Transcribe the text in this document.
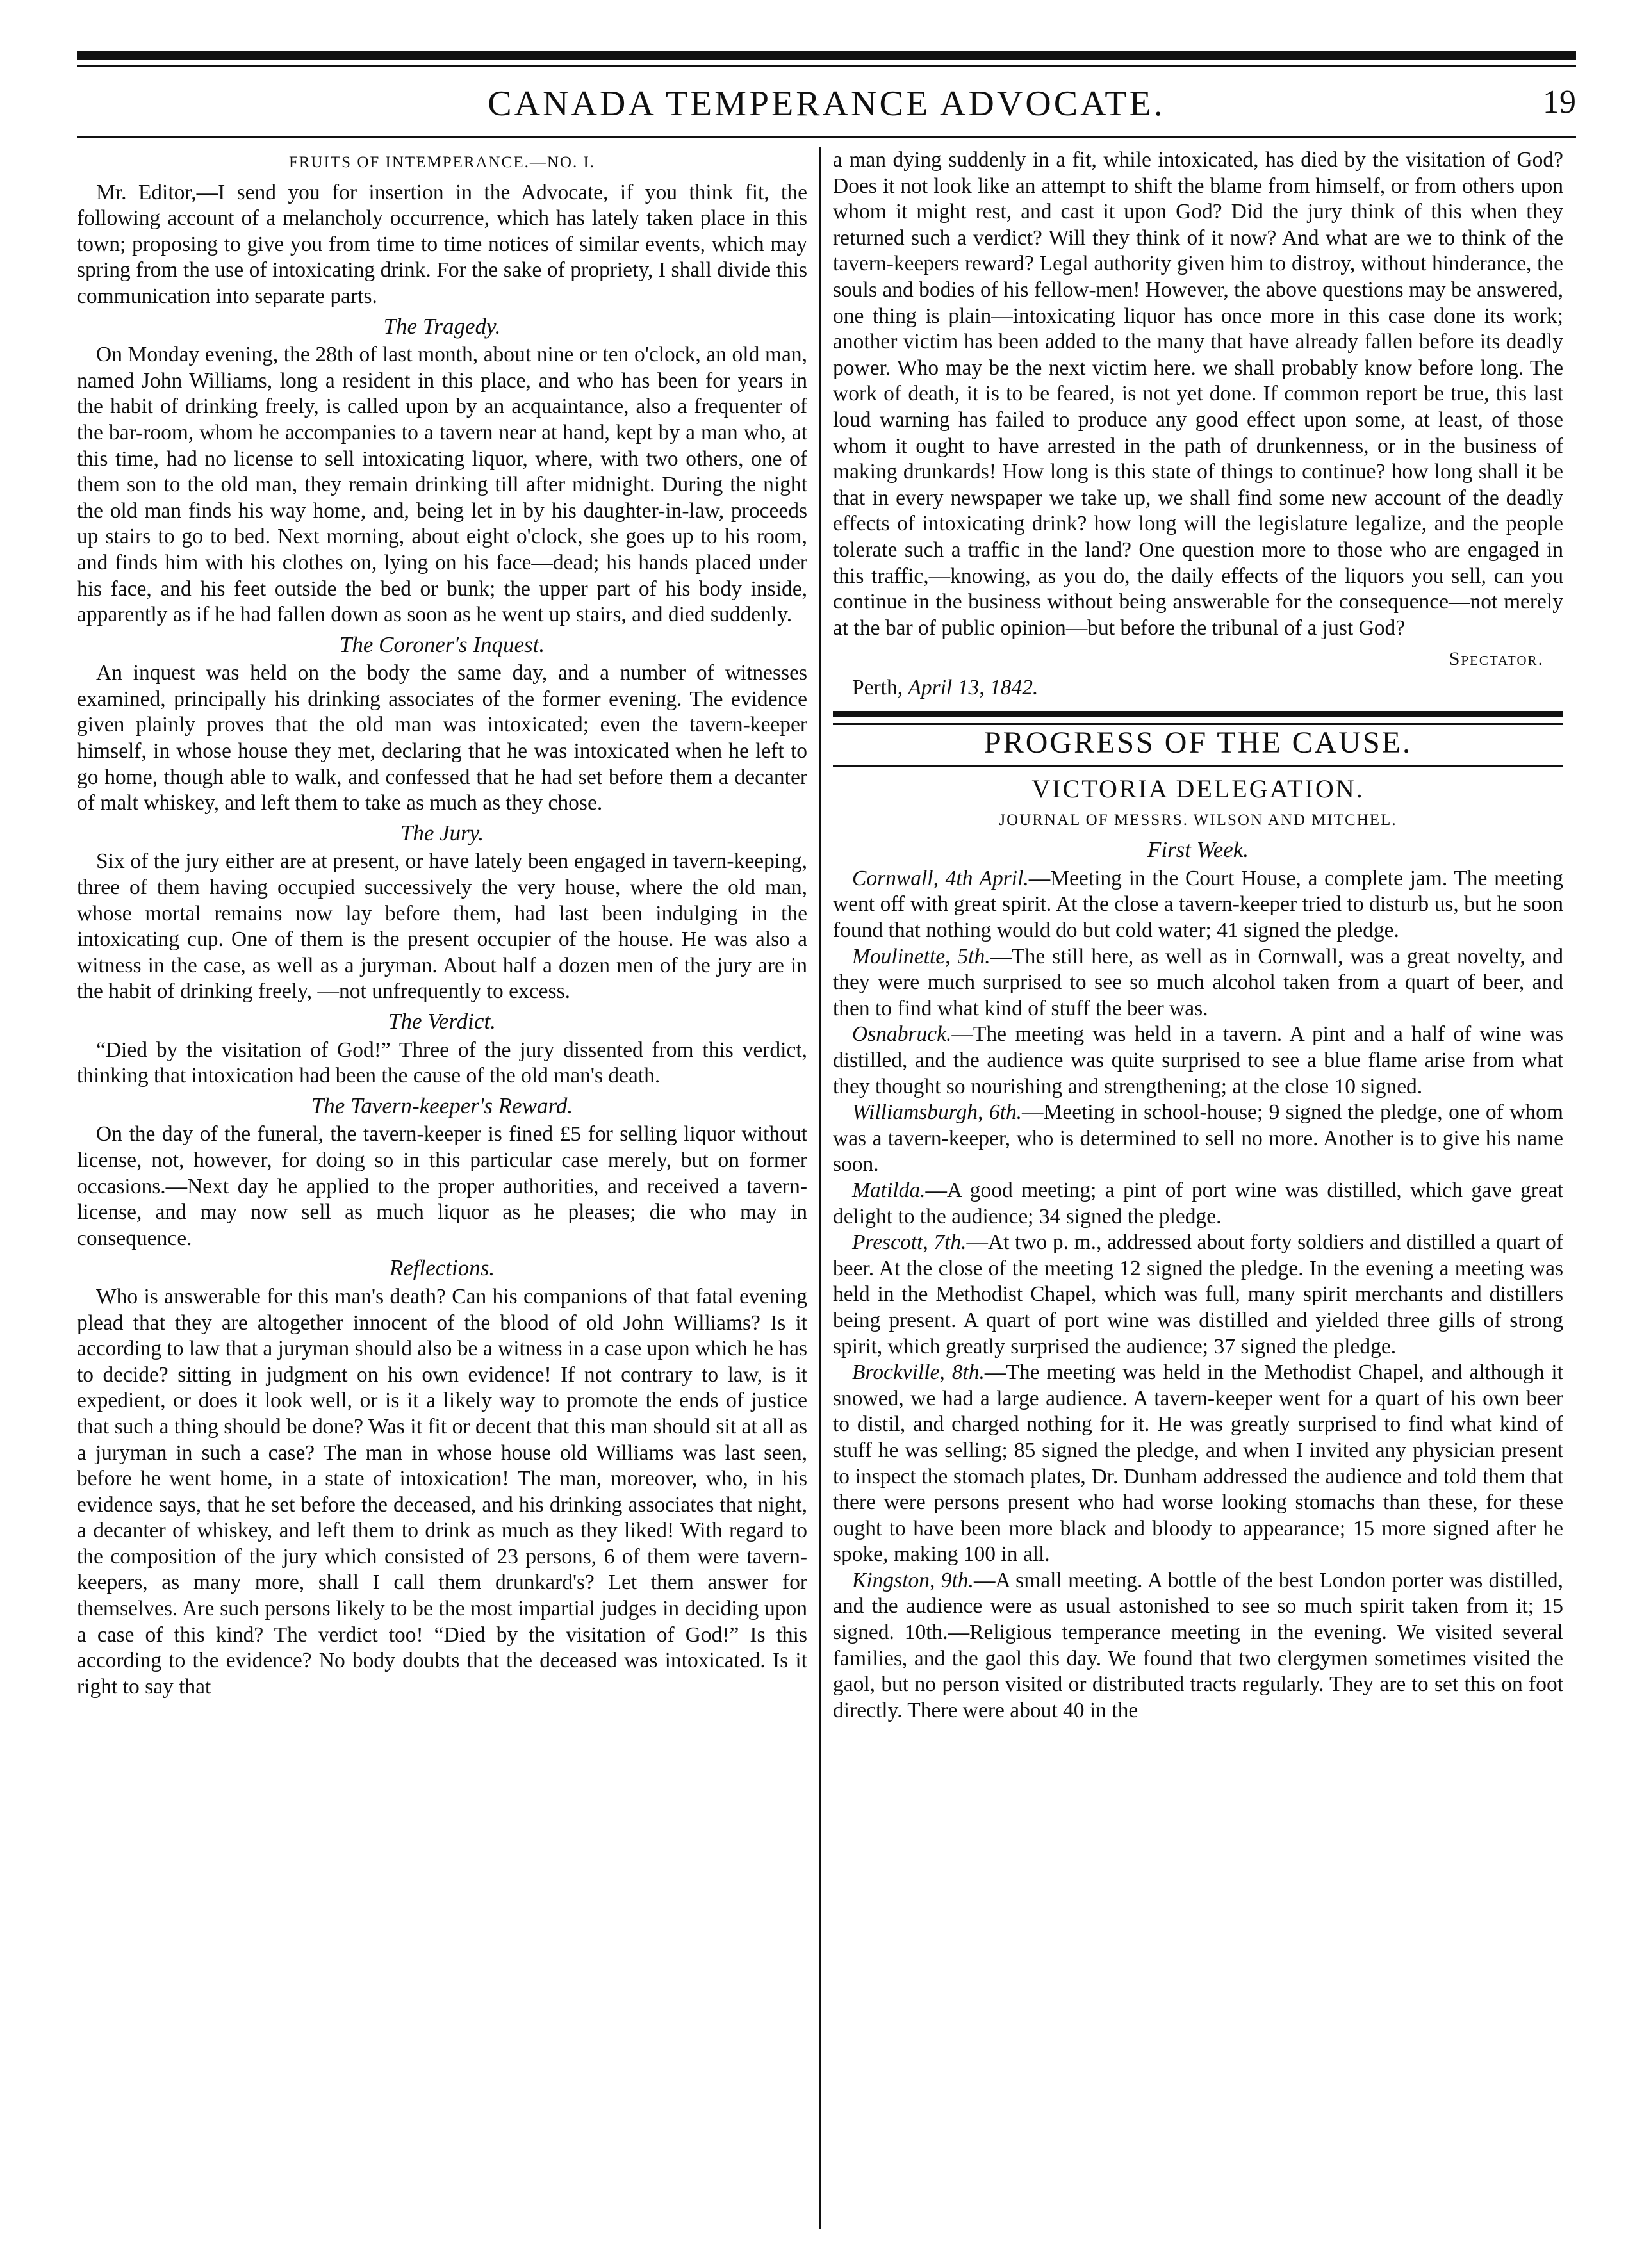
CANADA TEMPERANCE ADVOCATE.	19
FRUITS OF INTEMPERANCE.—NO. I.

Mr. Editor,—I send you for insertion in the Advocate, if you think fit, the following account of a melancholy occurrence, which has lately taken place in this town; proposing to give you from time to time notices of similar events, which may spring from the use of intoxicating drink. For the sake of propriety, I shall divide this communication into separate parts.

The Tragedy.

On Monday evening, the 28th of last month, about nine or ten o'clock, an old man, named John Williams, long a resident in this place, and who has been for years in the habit of drinking freely, is called upon by an acquaintance, also a frequenter of the bar-room, whom he accompanies to a tavern near at hand, kept by a man who, at this time, had no license to sell intoxicating liquor, where, with two others, one of them son to the old man, they remain drinking till after midnight. During the night the old man finds his way home, and, being let in by his daughter-in-law, proceeds up stairs to go to bed. Next morning, about eight o'clock, she goes up to his room, and finds him with his clothes on, lying on his face—dead; his hands placed under his face, and his feet outside the bed or bunk; the upper part of his body inside, apparently as if he had fallen down as soon as he went up stairs, and died suddenly.

The Coroner's Inquest.

An inquest was held on the body the same day, and a number of witnesses examined, principally his drinking associates of the former evening. The evidence given plainly proves that the old man was intoxicated; even the tavern-keeper himself, in whose house they met, declaring that he was intoxicated when he left to go home, though able to walk, and confessed that he had set before them a decanter of malt whiskey, and left them to take as much as they chose.

The Jury.

Six of the jury either are at present, or have lately been engaged in tavern-keeping, three of them having occupied successively the very house, where the old man, whose mortal remains now lay before them, had last been indulging in the intoxicating cup. One of them is the present occupier of the house. He was also a witness in the case, as well as a juryman. About half a dozen men of the jury are in the habit of drinking freely, —not unfrequently to excess.

The Verdict.

“Died by the visitation of God!” Three of the jury dissented from this verdict, thinking that intoxication had been the cause of the old man's death.

The Tavern-keeper's Reward.

On the day of the funeral, the tavern-keeper is fined £5 for selling liquor without license, not, however, for doing so in this particular case merely, but on former occasions.—Next day he applied to the proper authorities, and received a tavern-license, and may now sell as much liquor as he pleases; die who may in consequence.

Reflections.

Who is answerable for this man's death? Can his companions of that fatal evening plead that they are altogether innocent of the blood of old John Williams? Is it according to law that a juryman should also be a witness in a case upon which he has to decide? sitting in judgment on his own evidence! If not contrary to law, is it expedient, or does it look well, or is it a likely way to promote the ends of justice that such a thing should be done? Was it fit or decent that this man should sit at all as a juryman in such a case? The man in whose house old Williams was last seen, before he went home, in a state of intoxication! The man, moreover, who, in his evidence says, that he set before the deceased, and his drinking associates that night, a decanter of whiskey, and left them to drink as much as they liked! With regard to the composition of the jury which consisted of 23 persons, 6 of them were tavern-keepers, as many more, shall I call them drunkard's? Let them answer for themselves. Are such persons likely to be the most impartial judges in deciding upon a case of this kind? The verdict too! “Died by the visitation of God!” Is this according to the evidence? No body doubts that the deceased was intoxicated. Is it right to say that

a man dying suddenly in a fit, while intoxicated, has died by the visitation of God? Does it not look like an attempt to shift the blame from himself, or from others upon whom it might rest, and cast it upon God? Did the jury think of this when they returned such a verdict? Will they think of it now? And what are we to think of the tavern-keepers reward? Legal authority given him to distroy, without hinderance, the souls and bodies of his fellow-men! However, the above questions may be answered, one thing is plain—intoxicating liquor has once more in this case done its work; another victim has been added to the many that have already fallen before its deadly power. Who may be the next victim here. we shall probably know before long. The work of death, it is to be feared, is not yet done. If common report be true, this last loud warning has failed to produce any good effect upon some, at least, of those whom it ought to have arrested in the path of drunkenness, or in the business of making drunkards! How long is this state of things to continue? how long shall it be that in every newspaper we take up, we shall find some new account of the deadly effects of intoxicating drink? how long will the legislature legalize, and the people tolerate such a traffic in the land? One question more to those who are engaged in this traffic,—knowing, as you do, the daily effects of the liquors you sell, can you continue in the business without being answerable for the consequence—not merely at the bar of public opinion—but before the tribunal of a just God?

Spectator.
Perth, April 13, 1842.
PROGRESS OF THE CAUSE.
VICTORIA DELEGATION.
JOURNAL OF MESSRS. WILSON AND MITCHEL.
First Week.

Cornwall, 4th April.—Meeting in the Court House, a complete jam. The meeting went off with great spirit. At the close a tavern-keeper tried to disturb us, but he soon found that nothing would do but cold water; 41 signed the pledge.

Moulinette, 5th.—The still here, as well as in Cornwall, was a great novelty, and they were much surprised to see so much alcohol taken from a quart of beer, and then to find what kind of stuff the beer was.

Osnabruck.—The meeting was held in a tavern. A pint and a half of wine was distilled, and the audience was quite surprised to see a blue flame arise from what they thought so nourishing and strengthening; at the close 10 signed.

Williamsburgh, 6th.—Meeting in school-house; 9 signed the pledge, one of whom was a tavern-keeper, who is determined to sell no more. Another is to give his name soon.

Matilda.—A good meeting; a pint of port wine was distilled, which gave great delight to the audience; 34 signed the pledge.

Prescott, 7th.—At two p. m., addressed about forty soldiers and distilled a quart of beer. At the close of the meeting 12 signed the pledge. In the evening a meeting was held in the Methodist Chapel, which was full, many spirit merchants and distillers being present. A quart of port wine was distilled and yielded three gills of strong spirit, which greatly surprised the audience; 37 signed the pledge.

Brockville, 8th.—The meeting was held in the Methodist Chapel, and although it snowed, we had a large audience. A tavern-keeper went for a quart of his own beer to distil, and charged nothing for it. He was greatly surprised to find what kind of stuff he was selling; 85 signed the pledge, and when I invited any physician present to inspect the stomach plates, Dr. Dunham addressed the audience and told them that there were persons present who had worse looking stomachs than these, for these ought to have been more black and bloody to appearance; 15 more signed after he spoke, making 100 in all.

Kingston, 9th.—A small meeting. A bottle of the best London porter was distilled, and the audience were as usual astonished to see so much spirit taken from it; 15 signed. 10th.—Religious temperance meeting in the evening. We visited several families, and the gaol this day. We found that two clergymen sometimes visited the gaol, but no person visited or distributed tracts regularly. They are to set this on foot directly. There were about 40 in the
